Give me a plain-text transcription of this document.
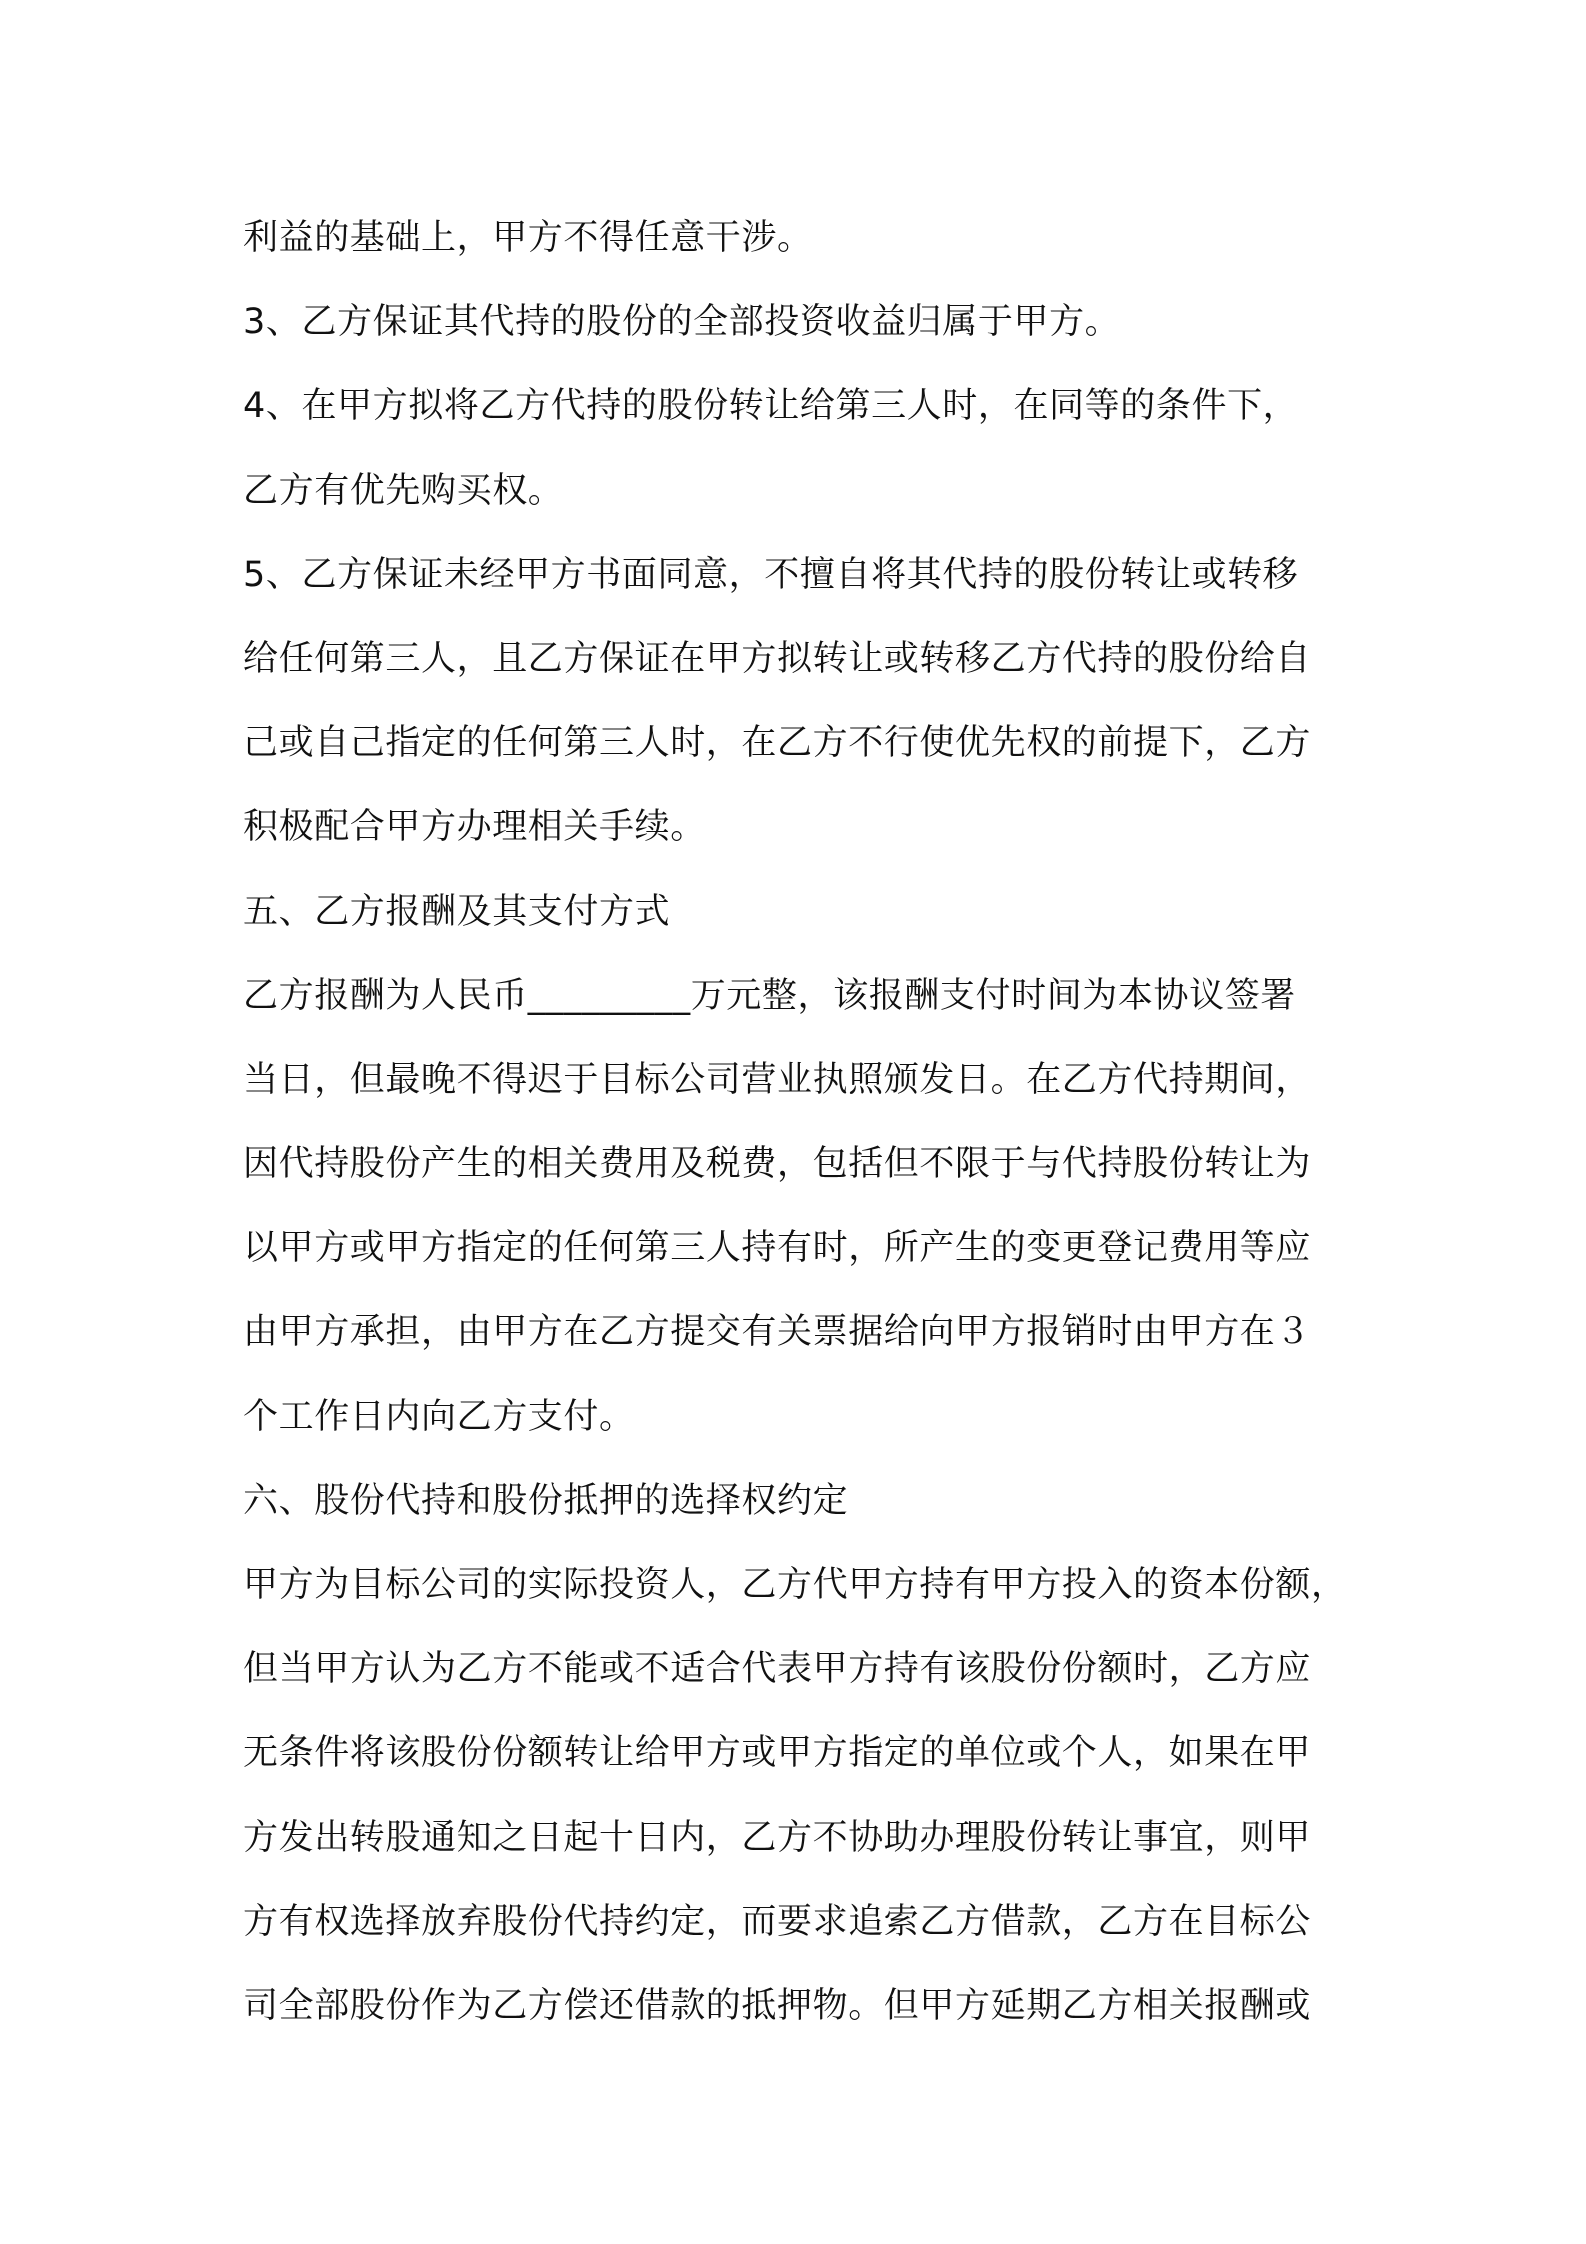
利益的基础上，甲方不得任意干涉。
3、乙方保证其代持的股份的全部投资收益归属于甲方。
4、在甲方拟将乙方代持的股份转让给第三人时，在同等的条件下，
乙方有优先购买权。
5、乙方保证未经甲方书面同意，不擅自将其代持的股份转让或转移
给任何第三人，且乙方保证在甲方拟转让或转移乙方代持的股份给自
己或自己指定的任何第三人时，在乙方不行使优先权的前提下，乙方
积极配合甲方办理相关手续。
五、乙方报酬及其支付方式
乙方报酬为人民币_________万元整，该报酬支付时间为本协议签署
当日，但最晚不得迟于目标公司营业执照颁发日。在乙方代持期间，
因代持股份产生的相关费用及税费，包括但不限于与代持股份转让为
以甲方或甲方指定的任何第三人持有时，所产生的变更登记费用等应
由甲方承担，由甲方在乙方提交有关票据给向甲方报销时由甲方在３
个工作日内向乙方支付。
六、股份代持和股份抵押的选择权约定
甲方为目标公司的实际投资人，乙方代甲方持有甲方投入的资本份额，
但当甲方认为乙方不能或不适合代表甲方持有该股份份额时，乙方应
无条件将该股份份额转让给甲方或甲方指定的单位或个人，如果在甲
方发出转股通知之日起十日内，乙方不协助办理股份转让事宜，则甲
方有权选择放弃股份代持约定，而要求追索乙方借款，乙方在目标公
司全部股份作为乙方偿还借款的抵押物。但甲方延期乙方相关报酬或
